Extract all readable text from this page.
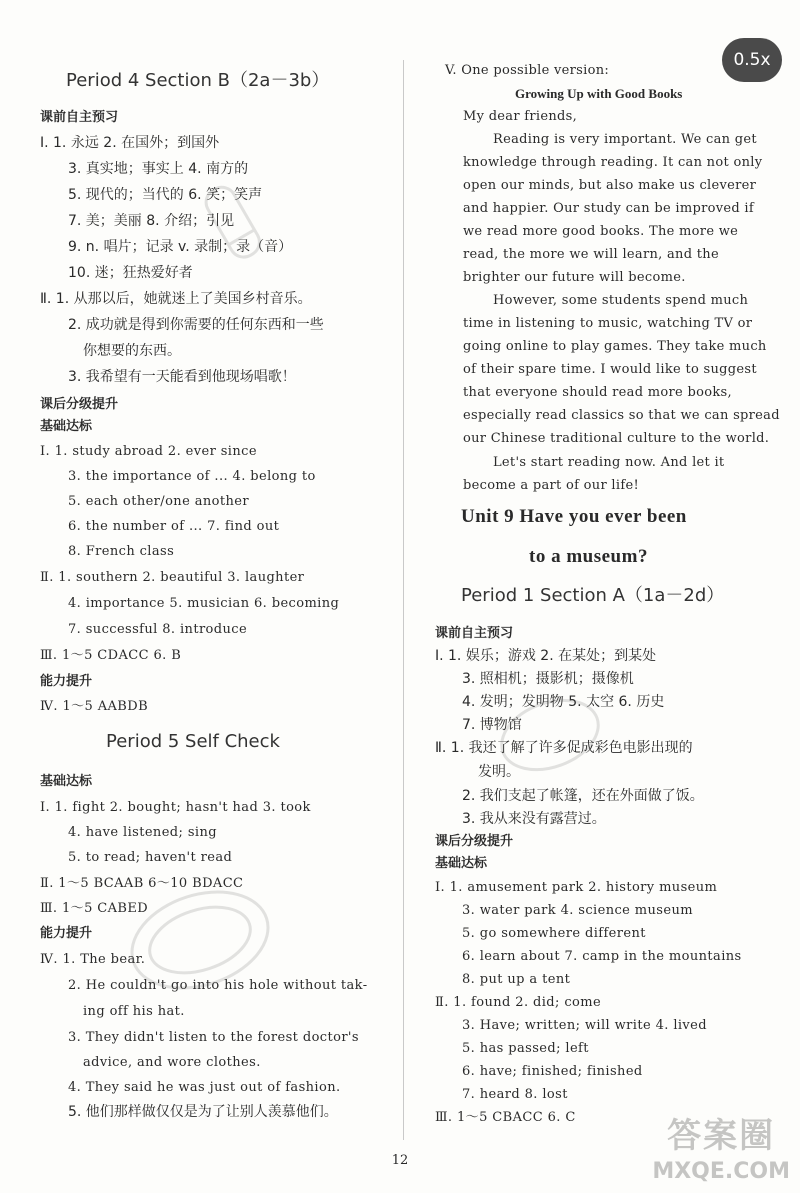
Period 4 Section B（2a－3b）
课前自主预习
Ⅰ. 1. 永远 2. 在国外；到国外
3. 真实地；事实上 4. 南方的
5. 现代的；当代的 6. 笑；笑声
7. 美；美丽 8. 介绍；引见
9. n. 唱片；记录 v. 录制；录（音）
10. 迷；狂热爱好者
Ⅱ. 1. 从那以后，她就迷上了美国乡村音乐。
2. 成功就是得到你需要的任何东西和一些
你想要的东西。
3. 我希望有一天能看到他现场唱歌！
课后分级提升
基础达标
Ⅰ. 1. study abroad 2. ever since
3. the importance of ... 4. belong to
5. each other/one another
6. the number of ... 7. find out
8. French class
Ⅱ. 1. southern 2. beautiful 3. laughter
4. importance 5. musician 6. becoming
7. successful 8. introduce
Ⅲ. 1～5 CDACC 6. B
能力提升
Ⅳ. 1～5 AABDB
Period 5 Self Check
基础达标
Ⅰ. 1. fight 2. bought; hasn't had 3. took
4. have listened; sing
5. to read; haven't read
Ⅱ. 1～5 BCAAB 6～10 BDACC
Ⅲ. 1～5 CABED
能力提升
Ⅳ. 1. The bear.
2. He couldn't go into his hole without tak-
ing off his hat.
3. They didn't listen to the forest doctor's
advice, and wore clothes.
4. They said he was just out of fashion.
5. 他们那样做仅仅是为了让别人羡慕他们。
V. One possible version:
Growing Up with Good Books
My dear friends,
Reading is very important. We can get
knowledge through reading. It can not only
open our minds, but also make us cleverer
and happier. Our study can be improved if
we read more good books. The more we
read, the more we will learn, and the
brighter our future will become.
However, some students spend much
time in listening to music, watching TV or
going online to play games. They take much
of their spare time. I would like to suggest
that everyone should read more books,
especially read classics so that we can spread
our Chinese traditional culture to the world.
Let's start reading now. And let it
become a part of our life!
Unit 9 Have you ever been
to a museum?
Period 1 Section A（1a－2d）
课前自主预习
Ⅰ. 1. 娱乐；游戏 2. 在某处；到某处
3. 照相机；摄影机；摄像机
4. 发明；发明物 5. 太空 6. 历史
7. 博物馆
Ⅱ. 1. 我还了解了许多促成彩色电影出现的
发明。
2. 我们支起了帐篷，还在外面做了饭。
3. 我从来没有露营过。
课后分级提升
基础达标
Ⅰ. 1. amusement park 2. history museum
3. water park 4. science museum
5. go somewhere different
6. learn about 7. camp in the mountains
8. put up a tent
Ⅱ. 1. found 2. did; come
3. Have; written; will write 4. lived
5. has passed; left
6. have; finished; finished
7. heard 8. lost
Ⅲ. 1～5 CBACC 6. C
0.5x
12
答案圈
MXQE.COM
